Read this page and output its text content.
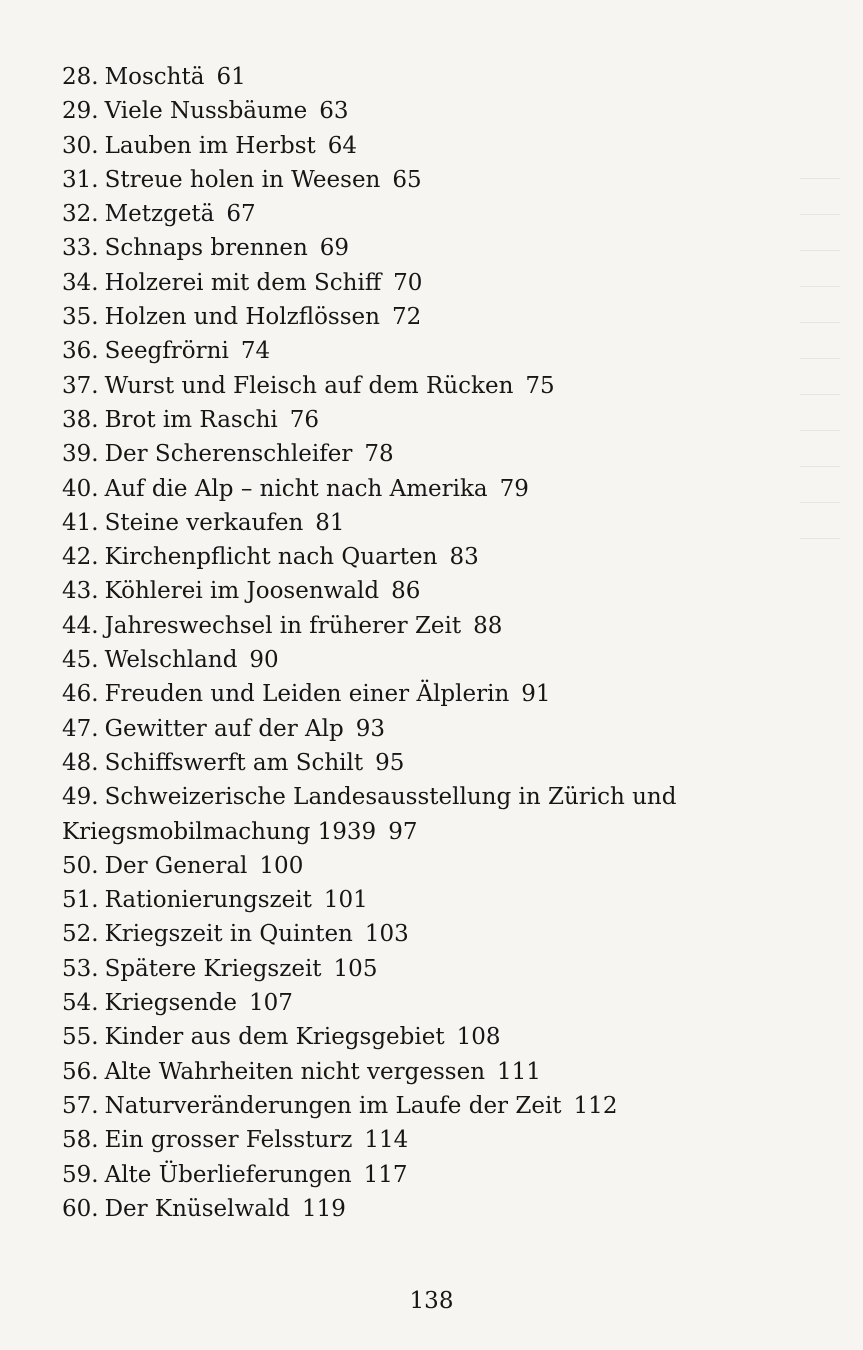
28. Moschtä 61
29. Viele Nussbäume 63
30. Lauben im Herbst 64
31. Streue holen in Weesen 65
32. Metzgetä 67
33. Schnaps brennen 69
34. Holzerei mit dem Schiff 70
35. Holzen und Holzflössen 72
36. Seegfrörni 74
37. Wurst und Fleisch auf dem Rücken 75
38. Brot im Raschi 76
39. Der Scherenschleifer 78
40. Auf die Alp – nicht nach Amerika 79
41. Steine verkaufen 81
42. Kirchenpflicht nach Quarten 83
43. Köhlerei im Joosenwald 86
44. Jahreswechsel in früherer Zeit 88
45. Welschland 90
46. Freuden und Leiden einer Älplerin 91
47. Gewitter auf der Alp 93
48. Schiffswerft am Schilt 95
49. Schweizerische Landesausstellung in Zürich und
Kriegsmobilmachung 1939 97
50. Der General 100
51. Rationierungszeit 101
52. Kriegszeit in Quinten 103
53. Spätere Kriegszeit 105
54. Kriegsende 107
55. Kinder aus dem Kriegsgebiet 108
56. Alte Wahrheiten nicht vergessen 111
57. Naturveränderungen im Laufe der Zeit 112
58. Ein grosser Felssturz 114
59. Alte Überlieferungen 117
60. Der Knüselwald 119
138
